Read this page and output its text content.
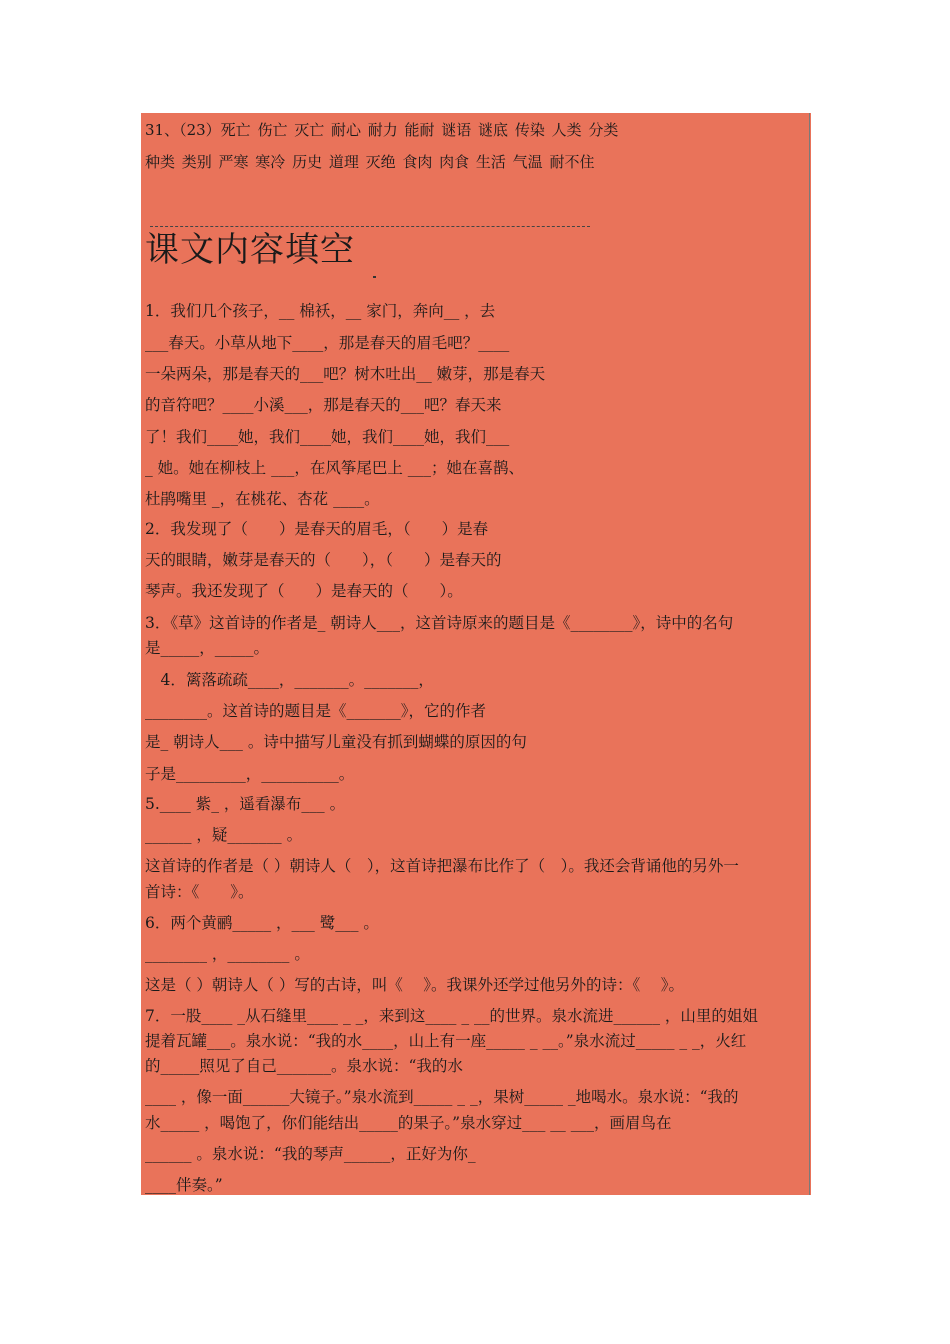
31、（23）死亡 伤亡 灭亡 耐心 耐力 能耐 谜语 谜底 传染 人类 分类
种类 类别 严寒 寒冷 历史 道理 灭绝 食肉 肉食 生活 气温 耐不住
课文内容填空
1．我们几个孩子，__ 棉袄，__ 家门，奔向__ ，去
___春天。小草从地下____，那是春天的眉毛吧？____
一朵两朵，那是春天的___吧？树木吐出__ 嫩芽，那是春天
的音符吧？____小溪___，那是春天的___吧？春天来
了！我们____她，我们____她，我们____她，我们___
_ 她。她在柳枝上 ___，在风筝尾巴上 ___；她在喜鹊、
杜鹃嘴里 _，在桃花、杏花 ____。
2．我发现了（　　）是春天的眉毛，（　　）是春
天的眼睛，嫩芽是春天的（　　），（　　）是春天的
琴声。我还发现了（　　）是春天的（　　）。
3．《草》这首诗的作者是_ 朝诗人___，这首诗原来的题目是《________》，诗中的名句
是_____，_____。
　4．篱落疏疏____，_______。_______，
________。这首诗的题目是《_______》，它的作者
是_ 朝诗人___ 。诗中描写儿童没有抓到蝴蝶的原因的句
子是_________，__________。
5.____ 紫_ ，遥看瀑布___ 。
______ ，疑_______ 。
这首诗的作者是（ ）朝诗人（　），这首诗把瀑布比作了（　）。我还会背诵他的另外一
首诗：《　　》。
6．两个黄鹂_____ ，___ 鹭___ 。
________ ，________ 。
这是（ ）朝诗人（ ）写的古诗，叫《　 》。我课外还学过他另外的诗：《　 》。
7．一股____ _从石缝里____ _ _，来到这____ _ __的世界。泉水流进______ ，山里的姐姐
提着瓦罐___。泉水说：“我的水____，山上有一座_____ _ __。”泉水流过_____ _ _，火红
的_____照见了自己_______。泉水说：“我的水
____ ，像一面______大镜子。”泉水流到_____ _ _，果树_____ _地喝水。泉水说：“我的
水_____ ，喝饱了，你们能结出_____的果子。”泉水穿过___ __ ___，画眉鸟在
______ 。泉水说：“我的琴声______，正好为你_
____伴奏。”
